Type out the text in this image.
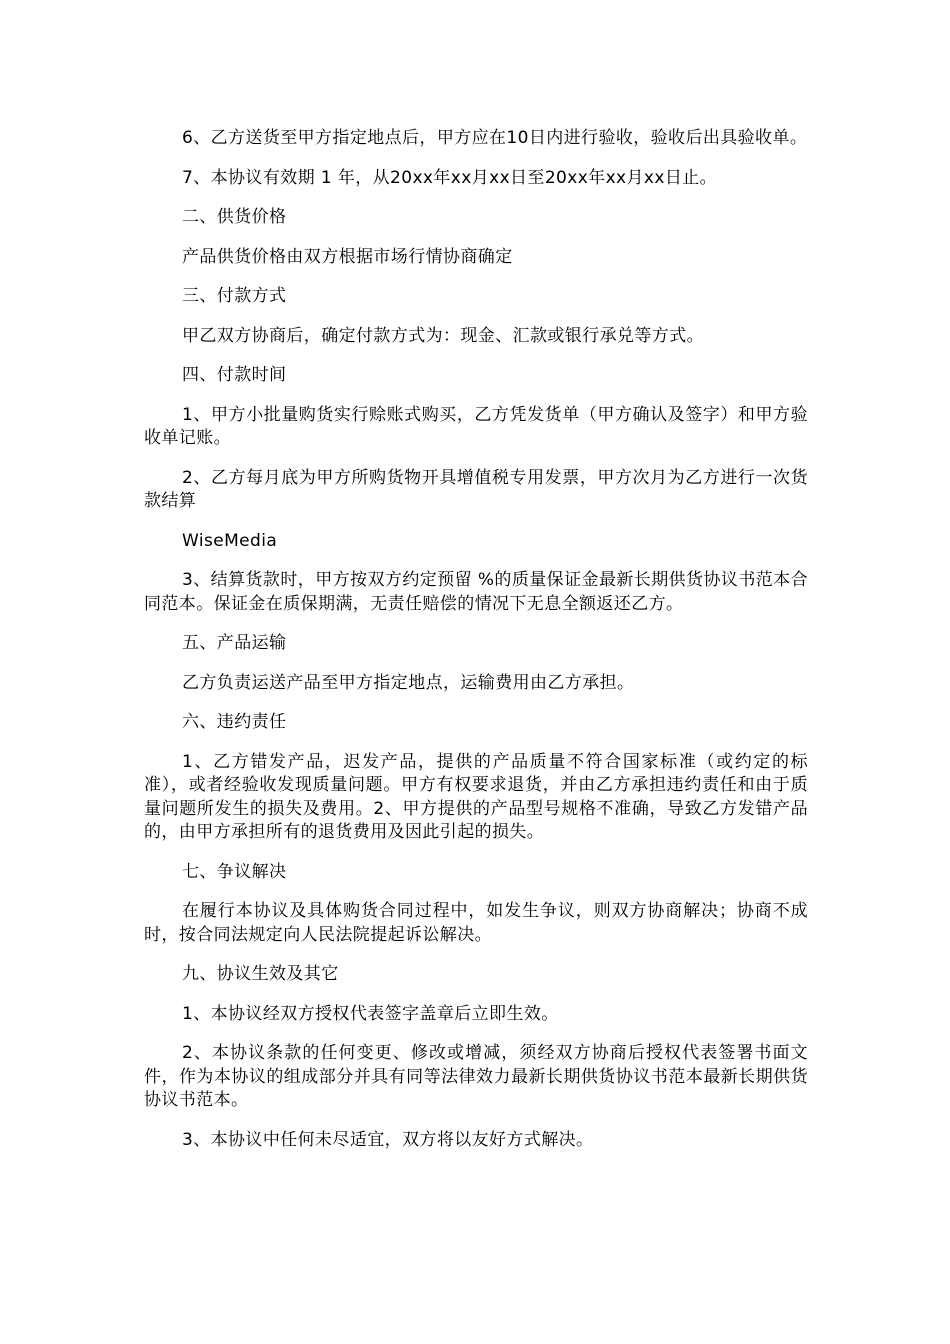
6、乙方送货至甲方指定地点后，甲方应在10日内进行验收，验收后出具验收单。

7、本协议有效期 1 年，从20xx年xx月xx日至20xx年xx月xx日止。

二、供货价格

产品供货价格由双方根据市场行情协商确定

三、付款方式

甲乙双方协商后，确定付款方式为：现金、汇款或银行承兑等方式。

四、付款时间

1、甲方小批量购货实行赊账式购买，乙方凭发货单（甲方确认及签字）和甲方验收单记账。

2、乙方每月底为甲方所购货物开具增值税专用发票，甲方次月为乙方进行一次货款结算

WiseMedia

3、结算货款时，甲方按双方约定预留 %的质量保证金最新长期供货协议书范本合同范本。保证金在质保期满，无责任赔偿的情况下无息全额返还乙方。

五、产品运输

乙方负责运送产品至甲方指定地点，运输费用由乙方承担。

六、违约责任

1、乙方错发产品，迟发产品，提供的产品质量不符合国家标准（或约定的标准），或者经验收发现质量问题。甲方有权要求退货，并由乙方承担违约责任和由于质量问题所发生的损失及费用。2、甲方提供的产品型号规格不准确，导致乙方发错产品的，由甲方承担所有的退货费用及因此引起的损失。

七、争议解决

在履行本协议及具体购货合同过程中，如发生争议，则双方协商解决；协商不成时，按合同法规定向人民法院提起诉讼解决。

九、协议生效及其它

1、本协议经双方授权代表签字盖章后立即生效。

2、本协议条款的任何变更、修改或增减，须经双方协商后授权代表签署书面文件，作为本协议的组成部分并具有同等法律效力最新长期供货协议书范本最新长期供货协议书范本。

3、本协议中任何未尽适宜，双方将以友好方式解决。
